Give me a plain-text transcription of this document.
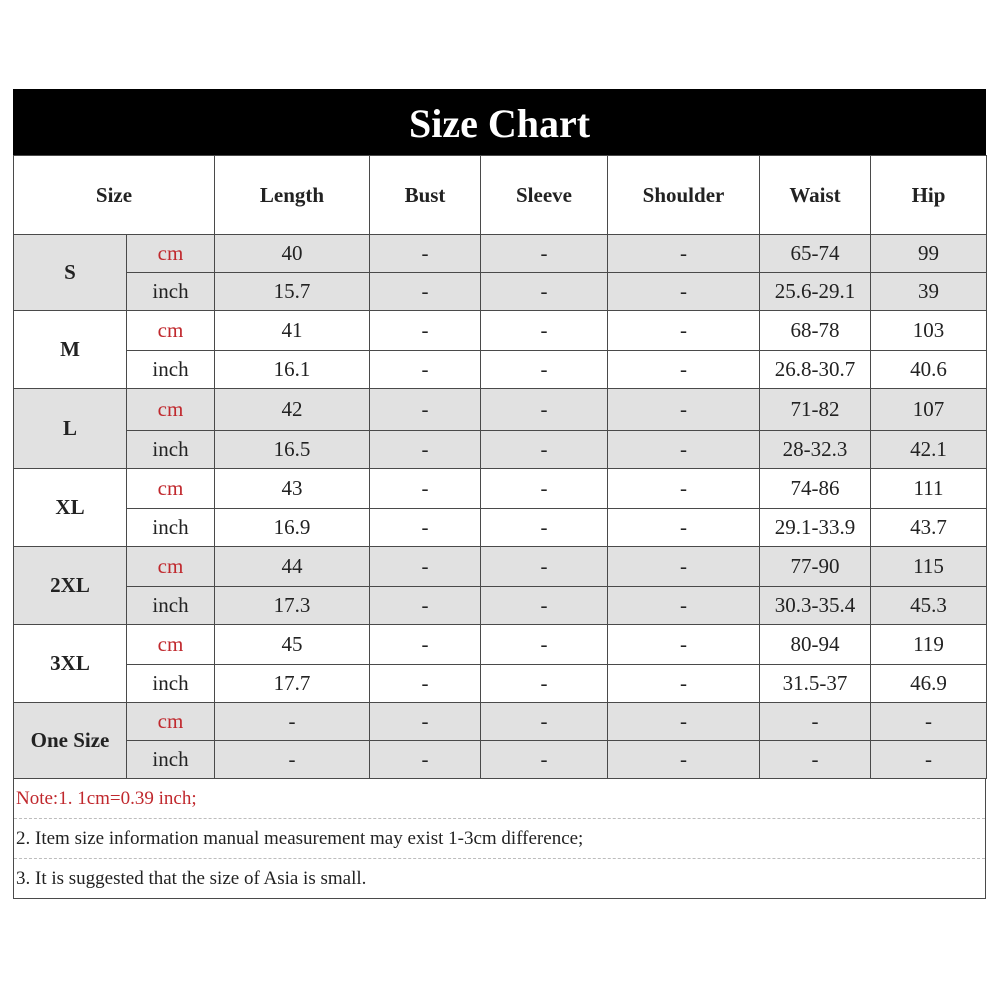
Size Chart
Size		Length	Bust	Sleeve	Shoulder	Waist	Hip
S	cm	40	-	-	-	65-74	99
	inch	15.7	-	-	-	25.6-29.1	39
M	cm	41	-	-	-	68-78	103
	inch	16.1	-	-	-	26.8-30.7	40.6
L	cm	42	-	-	-	71-82	107
	inch	16.5	-	-	-	28-32.3	42.1
XL	cm	43	-	-	-	74-86	111
	inch	16.9	-	-	-	29.1-33.9	43.7
2XL	cm	44	-	-	-	77-90	115
	inch	17.3	-	-	-	30.3-35.4	45.3
3XL	cm	45	-	-	-	80-94	119
	inch	17.7	-	-	-	31.5-37	46.9
One Size	cm	-	-	-	-	-	-
	inch	-	-	-	-	-	-
Note:1. 1cm=0.39 inch;
2. Item size information manual measurement may exist 1-3cm difference;
3. It is suggested that the size of Asia is small.
